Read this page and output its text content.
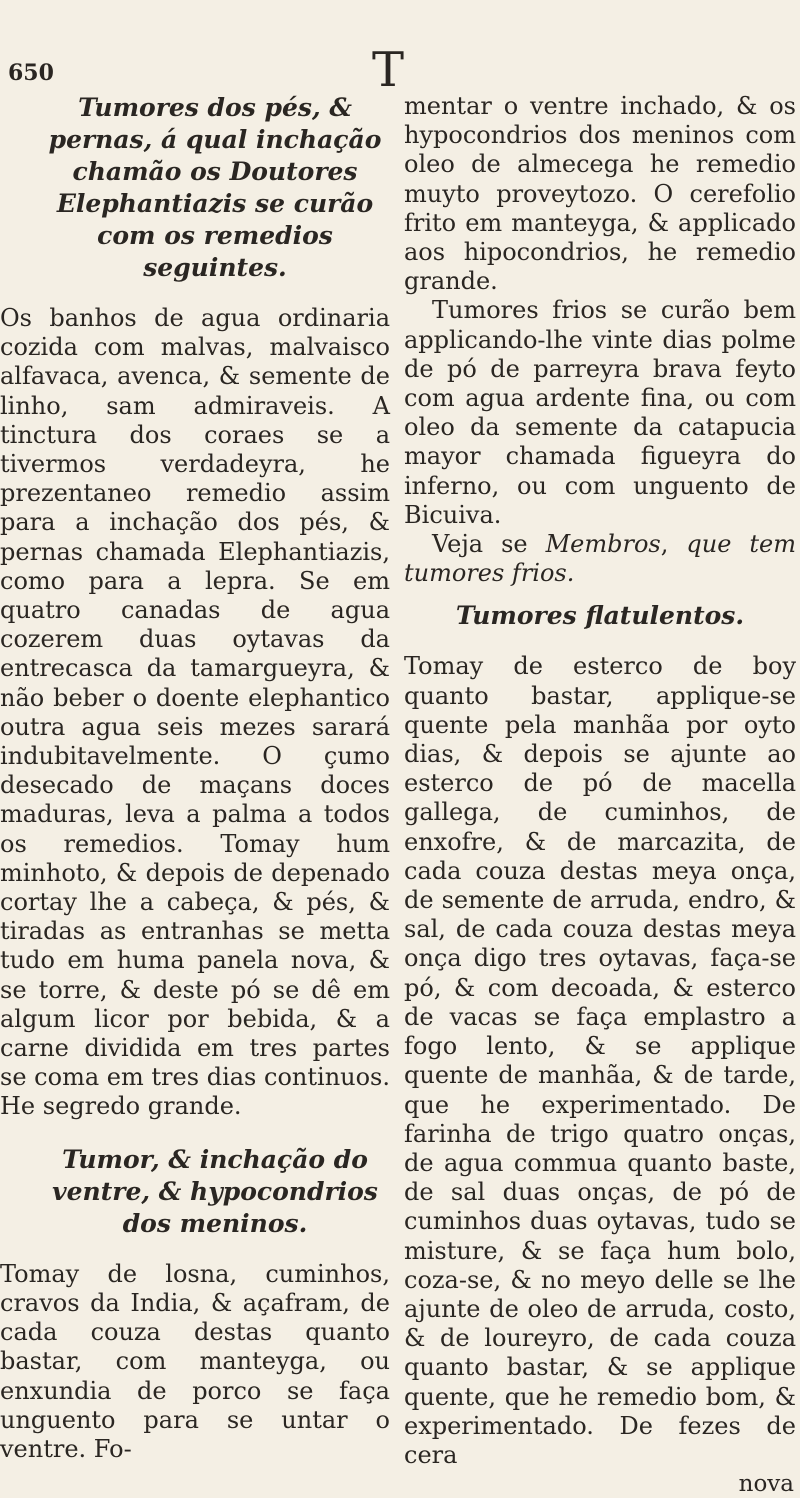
650	T

Tumores dos pés, & pernas, á qual inchação chamão os Doutores Elephantiazis se curão com os remedios seguintes.

Os banhos de agua ordinaria cozida com malvas, malvaisco alfavaca, avenca, & semente de linho, sam admiraveis. A tinctura dos coraes se a tivermos verdadeyra, he prezentaneo remedio assim para a inchação dos pés, & pernas chamada Elephantiazis, como para a lepra. Se em quatro canadas de agua cozerem duas oytavas da entrecasca da tamargueyra, & não beber o doente elephantico outra agua seis mezes sarará indubitavelmente. O çumo desecado de maçans doces maduras, leva a palma a todos os remedios. Tomay hum minhoto, & depois de depenado cortay lhe a cabeça, & pés, & tiradas as entranhas se metta tudo em huma panela nova, & se torre, & deste pó se dê em algum licor por bebida, & a carne dividida em tres partes se coma em tres dias continuos. He segredo grande.

Tumor, & inchação do ventre, & hypocondrios dos meninos.

Tomay de losna, cuminhos, cravos da India, & açafram, de cada couza destas quanto bastar, com manteyga, ou enxundia de porco se faça unguento para se untar o ventre. Fo-

mentar o ventre inchado, & os hypocondrios dos meninos com oleo de almecega he remedio muyto proveytozo. O cerefolio frito em manteyga, & applicado aos hipocondrios, he remedio grande.

Tumores frios se curão bem applicando-lhe vinte dias polme de pó de parreyra brava feyto com agua ardente fina, ou com oleo da semente da catapucia mayor chamada figueyra do inferno, ou com unguento de Bicuiva.

Veja se Membros, que tem tumores frios.

Tumores flatulentos.

Tomay de esterco de boy quanto bastar, applique-se quente pela manhãa por oyto dias, & depois se ajunte ao esterco de pó de macella gallega, de cuminhos, de enxofre, & de marcazita, de cada couza destas meya onça, de semente de arruda, endro, & sal, de cada couza destas meya onça digo tres oytavas, faça-se pó, & com decoada, & esterco de vacas se faça emplastro a fogo lento, & se applique quente de manhãa, & de tarde, que he experimentado. De farinha de trigo quatro onças, de agua commua quanto baste, de sal duas onças, de pó de cuminhos duas oytavas, tudo se misture, & se faça hum bolo, coza-se, & no meyo delle se lhe ajunte de oleo de arruda, costo, & de loureyro, de cada couza quanto bastar, & se applique quente, que he remedio bom, & experimentado. De fezes de cera

nova
